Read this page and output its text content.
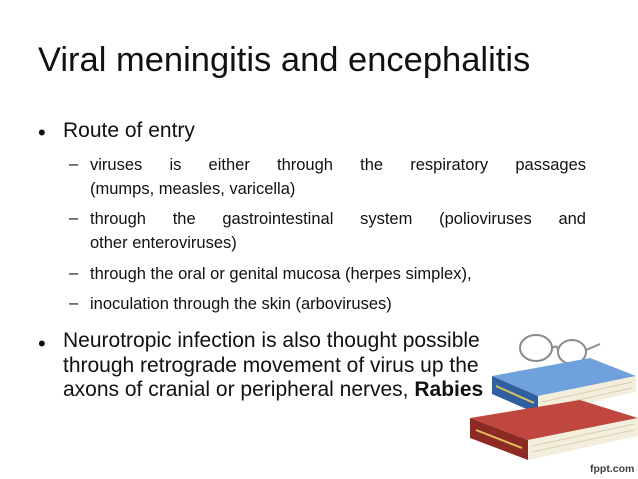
Viral meningitis and encephalitis
• Route of entry
– viruses is either through the respiratory passages
(mumps, measles, varicella)
– through the gastrointestinal system (polioviruses and
other enteroviruses)
– through the oral or genital mucosa (herpes simplex),
– inoculation through the skin (arboviruses)
• Neurotropic infection is also thought possible
through retrograde movement of virus up the
axons of cranial or peripheral nerves, Rabies
fppt.com
